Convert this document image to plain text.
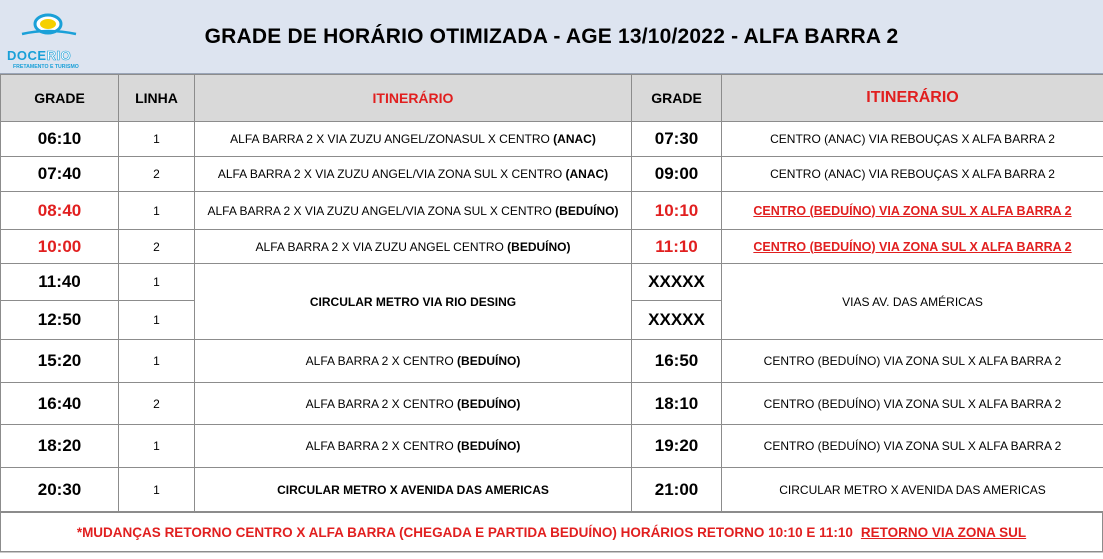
DOCERIO
FRETAMENTO E TURISMO
GRADE DE HORÁRIO OTIMIZADA - AGE 13/10/2022 - ALFA BARRA 2
GRADE	LINHA	ITINERÁRIO	GRADE	ITINERÁRIO
06:10	1	ALFA BARRA 2 X VIA ZUZU ANGEL/ZONASUL X CENTRO (ANAC)	07:30	CENTRO (ANAC) VIA REBOUÇAS X ALFA BARRA 2
07:40	2	ALFA BARRA 2 X VIA ZUZU ANGEL/VIA ZONA SUL X CENTRO (ANAC)	09:00	CENTRO (ANAC) VIA REBOUÇAS X ALFA BARRA 2
08:40	1	ALFA BARRA 2 X VIA ZUZU ANGEL/VIA ZONA SUL X CENTRO (BEDUÍNO)	10:10	CENTRO (BEDUÍNO) VIA ZONA SUL X ALFA BARRA 2
10:00	2	ALFA BARRA 2 X VIA ZUZU ANGEL CENTRO (BEDUÍNO)	11:10	CENTRO (BEDUÍNO) VIA ZONA SUL X ALFA BARRA 2
11:40	1	CIRCULAR METRO VIA RIO DESING	XXXXX	VIAS AV. DAS AMÉRICAS
12:50	1		XXXXX	
15:20	1	ALFA BARRA 2 X CENTRO (BEDUÍNO)	16:50	CENTRO (BEDUÍNO) VIA ZONA SUL X ALFA BARRA 2
16:40	2	ALFA BARRA 2 X CENTRO (BEDUÍNO)	18:10	CENTRO (BEDUÍNO) VIA ZONA SUL X ALFA BARRA 2
18:20	1	ALFA BARRA 2 X CENTRO (BEDUÍNO)	19:20	CENTRO (BEDUÍNO) VIA ZONA SUL X ALFA BARRA 2
20:30	1	CIRCULAR METRO X AVENIDA DAS AMERICAS	21:00	CIRCULAR METRO X AVENIDA DAS AMERICAS
*MUDANÇAS RETORNO CENTRO X ALFA BARRA (CHEGADA E PARTIDA BEDUÍNO) HORÁRIOS RETORNO 10:10 E 11:10 RETORNO VIA ZONA SUL
